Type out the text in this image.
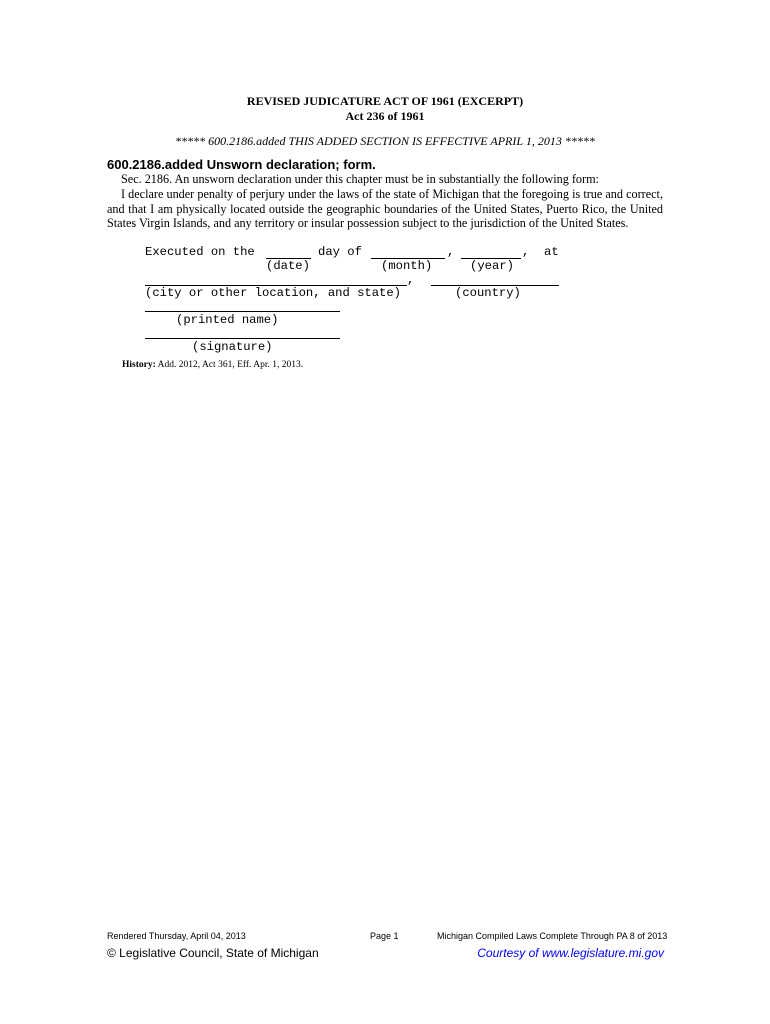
REVISED JUDICATURE ACT OF 1961 (EXCERPT)
Act 236 of 1961
***** 600.2186.added THIS ADDED SECTION IS EFFECTIVE APRIL 1, 2013 *****
600.2186.added Unsworn declaration; form.
Sec. 2186. An unsworn declaration under this chapter must be in substantially the following form:
I declare under penalty of perjury under the laws of the state of Michigan that the foregoing is true and correct, and that I am physically located outside the geographic boundaries of the United States, Puerto Rico, the United States Virgin Islands, and any territory or insular possession subject to the jurisdiction of the United States.
Executed on the	day of	,	, at
(date)	(month)	(year)
,
(city or other location, and state)	(country)
(printed name)
(signature)
History: Add. 2012, Act 361, Eff. Apr. 1, 2013.
Rendered Thursday, April 04, 2013	Page 1	Michigan Compiled Laws Complete Through PA 8 of 2013
© Legislative Council, State of Michigan	Courtesy of www.legislature.mi.gov
